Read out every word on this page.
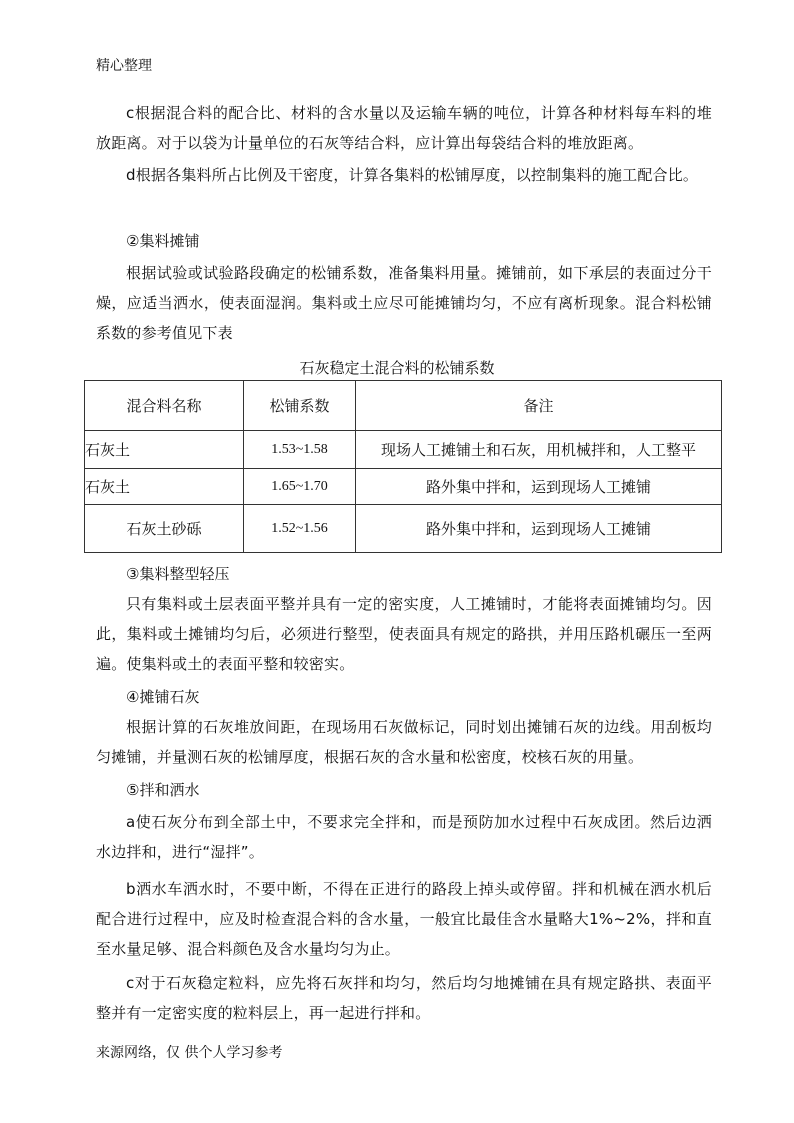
精心整理

c根据混合料的配合比、材料的含水量以及运输车辆的吨位，计算各种材料每车料的堆放距离。对于以袋为计量单位的石灰等结合料，应计算出每袋结合料的堆放距离。

d根据各集料所占比例及干密度，计算各集料的松铺厚度，以控制集料的施工配合比。

②集料摊铺

根据试验或试验路段确定的松铺系数，准备集料用量。摊铺前，如下承层的表面过分干燥，应适当洒水，使表面湿润。集料或土应尽可能摊铺均匀，不应有离析现象。混合料松铺系数的参考值见下表

石灰稳定土混合料的松铺系数
混合料名称	松铺系数	备注
石灰土	1.53~1.58	现场人工摊铺土和石灰，用机械拌和，人工整平
石灰土	1.65~1.70	路外集中拌和，运到现场人工摊铺
石灰土砂砾	1.52~1.56	路外集中拌和，运到现场人工摊铺
③集料整型轻压

只有集料或土层表面平整并具有一定的密实度，人工摊铺时，才能将表面摊铺均匀。因此，集料或土摊铺均匀后，必须进行整型，使表面具有规定的路拱，并用压路机碾压一至两遍。使集料或土的表面平整和较密实。

④摊铺石灰

根据计算的石灰堆放间距，在现场用石灰做标记，同时划出摊铺石灰的边线。用刮板均匀摊铺，并量测石灰的松铺厚度，根据石灰的含水量和松密度，校核石灰的用量。

⑤拌和洒水

a使石灰分布到全部土中，不要求完全拌和，而是预防加水过程中石灰成团。然后边洒水边拌和，进行“湿拌”。

b洒水车洒水时，不要中断，不得在正进行的路段上掉头或停留。拌和机械在洒水机后配合进行过程中，应及时检查混合料的含水量，一般宜比最佳含水量略大1%~2%，拌和直至水量足够、混合料颜色及含水量均匀为止。

c对于石灰稳定粒料，应先将石灰拌和均匀，然后均匀地摊铺在具有规定路拱、表面平整并有一定密实度的粒料层上，再一起进行拌和。

来源网络，仅 供个人学习参考
